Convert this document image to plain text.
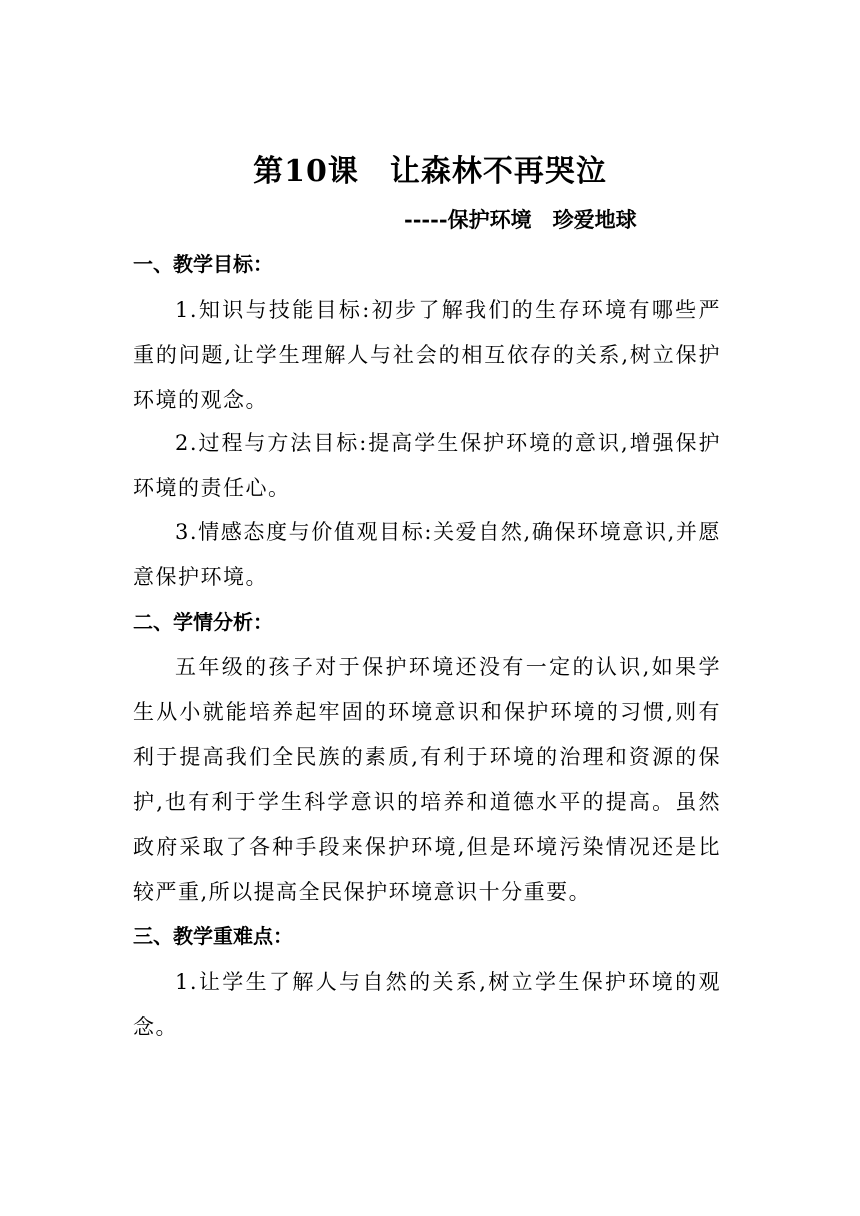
第10课　让森林不再哭泣
-----保护环境　珍爱地球
一、教学目标：

1.知识与技能目标:初步了解我们的生存环境有哪些严重的问题,让学生理解人与社会的相互依存的关系,树立保护环境的观念。

2.过程与方法目标:提高学生保护环境的意识,增强保护环境的责任心。

3.情感态度与价值观目标:关爱自然,确保环境意识,并愿意保护环境。

二、学情分析：

五年级的孩子对于保护环境还没有一定的认识,如果学生从小就能培养起牢固的环境意识和保护环境的习惯,则有利于提高我们全民族的素质,有利于环境的治理和资源的保护,也有利于学生科学意识的培养和道德水平的提高。虽然政府采取了各种手段来保护环境,但是环境污染情况还是比较严重,所以提高全民保护环境意识十分重要。

三、教学重难点：

1.让学生了解人与自然的关系,树立学生保护环境的观念。
